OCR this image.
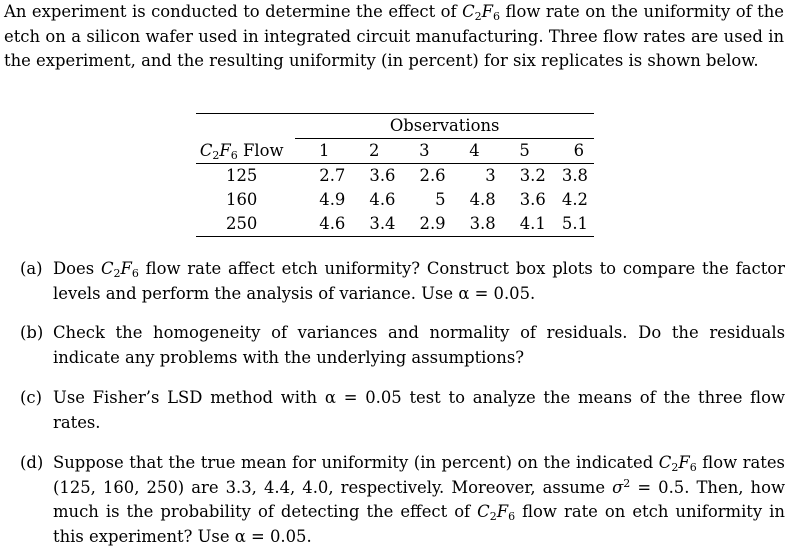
An experiment is conducted to determine the effect of $C_2F_6$ flow rate on the uniformity of the etch on a silicon wafer used in integrated circuit manufacturing. Three flow rates are used in the experiment, and the resulting uniformity (in percent) for six replicates is shown below.

		Observations					
$C_2F_6$ Flow		1	2	3	4	5	6
125		2.7	3.6	2.6	3	3.2	3.8
160		4.9	4.6	5	4.8	3.6	4.2
250		4.6	3.4	2.9	3.8	4.1	5.1
(a) Does $C_2F_6$ flow rate affect etch uniformity? Construct box plots to compare the factor levels and perform the analysis of variance. Use α = 0.05.
(b) Check the homogeneity of variances and normality of residuals. Do the residuals indicate any problems with the underlying assumptions?
(c) Use Fisher’s LSD method with α = 0.05 test to analyze the means of the three flow rates.
(d) Suppose that the true mean for uniformity (in percent) on the indicated $C_2F_6$ flow rates (125, 160, 250) are 3.3, 4.4, 4.0, respectively. Moreover, assume $\sigma^2 = 0.5$. Then, how much is the probability of detecting the effect of $C_2F_6$ flow rate on etch uniformity in this experiment? Use α = 0.05.
